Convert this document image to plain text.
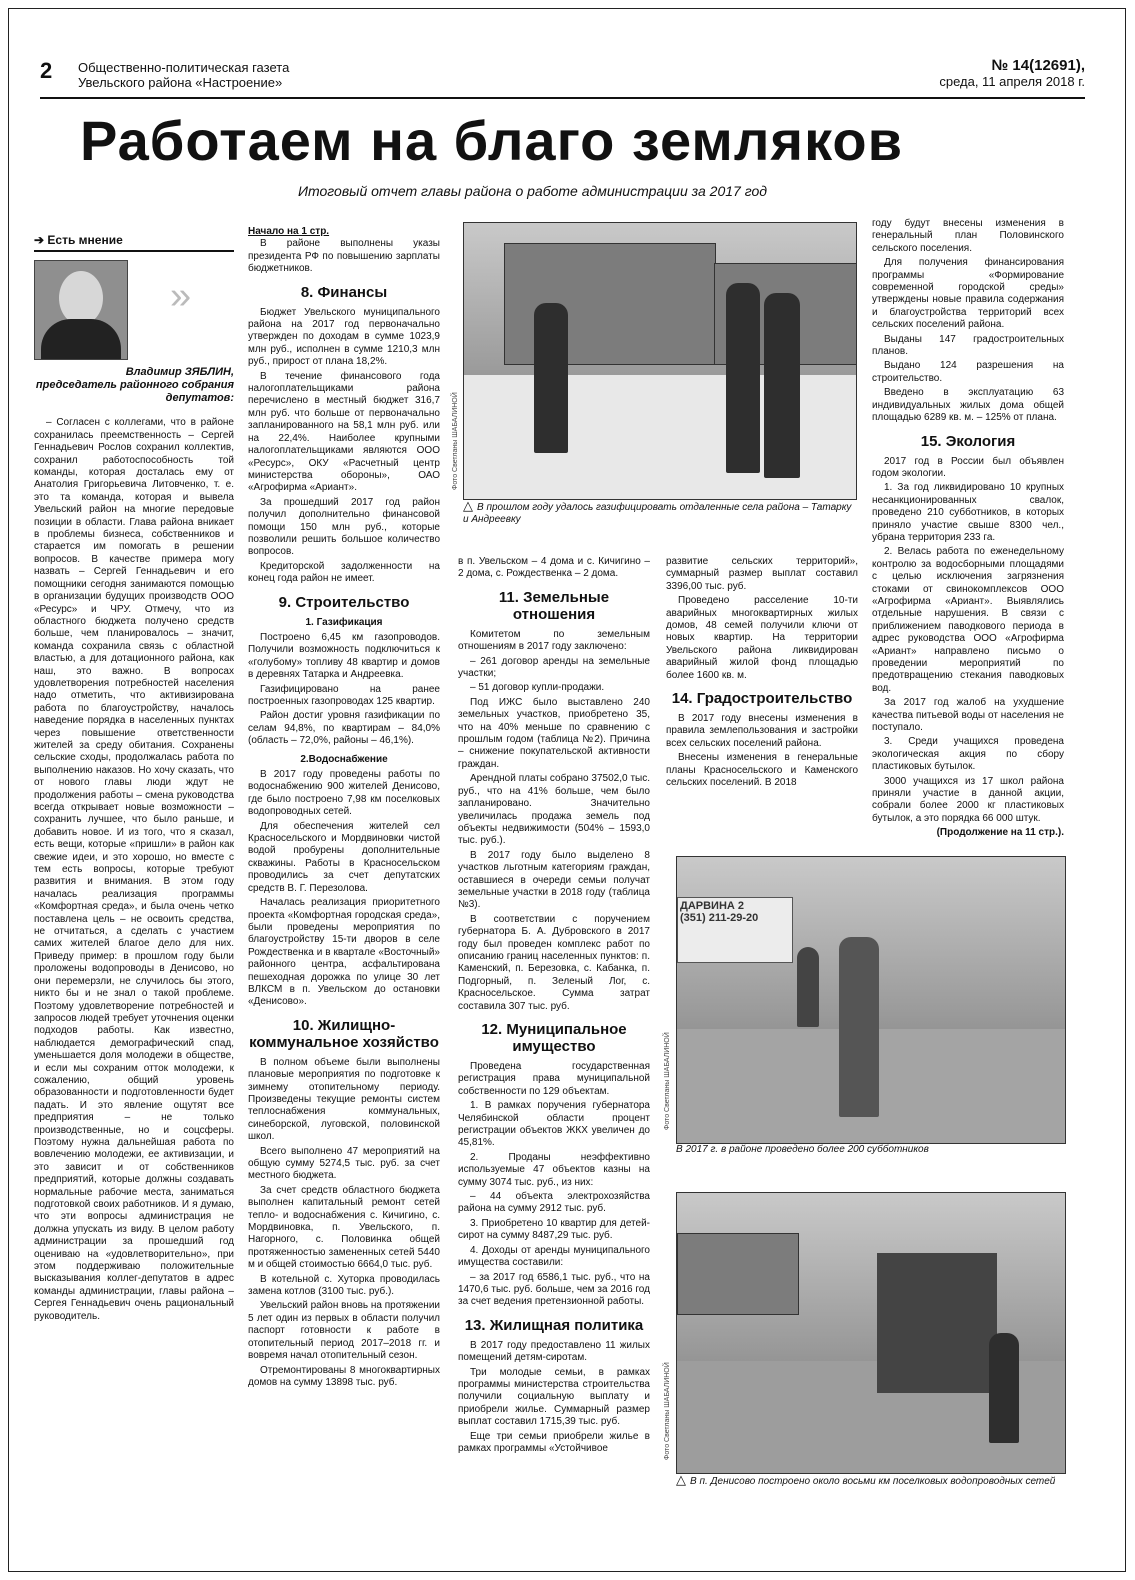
2 Общественно-политическая газета
Увельского района «Настроение»
№ 14(12691),
среда, 11 апреля 2018 г.
Работаем на благо земляков
Итоговый отчет главы района о работе администрации за 2017 год
➔ Есть мнение
»
Владимир ЗЯБЛИН,
председатель районного собрания депутатов:

– Согласен с коллегами, что в районе сохранилась преемственность – Сергей Геннадьевич Рослов сохранил коллектив, сохранил работоспособность той команды, которая досталась ему от Анатолия Григорьевича Литовченко, т. е. это та команда, которая и вывела Увельский район на многие передовые позиции в области. Глава района вникает в проблемы бизнеса, собственников и старается им помогать в решении вопросов. В качестве примера могу назвать – Сергей Геннадьевич и его помощники сегодня занимаются помощью в организации будущих производств ООО «Ресурс» и ЧРУ. Отмечу, что из областного бюджета получено средств больше, чем планировалось – значит, команда сохранила связь с областной властью, а для дотационного района, как наш, это важно. В вопросах удовлетворения потребностей населения надо отметить, что активизирована работа по благоустройству, началось наведение порядка в населенных пунктах через повышение ответственности жителей за среду обитания. Сохранены сельские сходы, продолжалась работа по выполнению наказов. Но хочу сказать, что от нового главы люди ждут не продолжения работы – смена руководства всегда открывает новые возможности – сохранить лучшее, что было раньше, и добавить новое. И из того, что я сказал, есть вещи, которые «пришли» в район как свежие идеи, и это хорошо, но вместе с тем есть вопросы, которые требуют развития и внимания. В этом году началась реализация программы «Комфортная среда», и была очень четко поставлена цель – не освоить средства, не отчитаться, а сделать с участием самих жителей благое дело для них. Приведу пример: в прошлом году были проложены водопроводы в Денисово, но они перемерзли, не случилось бы этого, никто бы и не знал о такой проблеме. Поэтому удовлетворение потребностей и запросов людей требует уточнения оценки подходов работы. Как известно, наблюдается демографический спад, уменьшается доля молодежи в обществе, и если мы сохраним отток молодежи, к сожалению, общий уровень образованности и подготовленности будет падать. И это явление ощутят все предприятия – не только производственные, но и соцсферы. Поэтому нужна дальнейшая работа по вовлечению молодежи, ее активизации, и это зависит и от собственников предприятий, которые должны создавать нормальные рабочие места, заниматься подготовкой своих работников. И я думаю, что эти вопросы администрация не должна упускать из виду. В целом работу администрации за прошедший год оцениваю на «удовлетворительно», при этом поддерживаю положительные высказывания коллег-депутатов в адрес команды администрации, главы района – Сергея Геннадьевич очень рациональный руководитель.

Начало на 1 стр.

В районе выполнены указы президента РФ по повышению зарплаты бюджетников.

8. Финансы

Бюджет Увельского муниципального района на 2017 год первоначально утвержден по доходам в сумме 1023,9 млн руб., исполнен в сумме 1210,3 млн руб., прирост от плана 18,2%.

В течение финансового года налогоплательщиками района перечислено в местный бюджет 316,7 млн руб. что больше от первоначально запланированного на 58,1 млн руб. или на 22,4%. Наиболее крупными налогоплательщиками являются ООО «Ресурс», ОКУ «Расчетный центр министерства обороны», ОАО «Агрофирма «Ариант».

За прошедший 2017 год район получил дополнительно финансовой помощи 150 млн руб., которые позволили решить большое количество вопросов.

Кредиторской задолженности на конец года район не имеет.

9. Строительство
1. Газификация

Построено 6,45 км газопроводов. Получили возможность подключиться к «голубому» топливу 48 квартир и домов в деревнях Татарка и Андреевка.

Газифицировано на ранее построенных газопроводах 125 квартир.

Район достиг уровня газификации по селам 94,8%, по квартирам – 84,0% (область – 72,0%, районы – 46,1%).

2.Водоснабжение

В 2017 году проведены работы по водоснабжению 900 жителей Денисово, где было построено 7,98 км поселковых водопроводных сетей.

Для обеспечения жителей сел Красносельского и Мордвиновки чистой водой пробурены дополнительные скважины. Работы в Красносельском проводились за счет депутатских средств В. Г. Перезолова.

Началась реализация приоритетного проекта «Комфортная городская среда», были проведены мероприятия по благоустройству 15-ти дворов в селе Рождественка и в квартале «Восточный» районного центра, асфальтирована пешеходная дорожка по улице 30 лет ВЛКСМ в п. Увельском до остановки «Денисово».

10. Жилищно-коммунальное хозяйство

В полном объеме были выполнены плановые мероприятия по подготовке к зимнему отопительному периоду. Произведены текущие ремонты систем теплоснабжения коммунальных, синеборской, луговской, половинской школ.

Всего выполнено 47 мероприятий на общую сумму 5274,5 тыс. руб. за счет местного бюджета.

За счет средств областного бюджета выполнен капитальный ремонт сетей тепло- и водоснабжения с. Кичигино, с. Мордвиновка, п. Увельского, п. Нагорного, с. Половинка общей протяженностью замененных сетей 5440 м и общей стоимостью 6664,0 тыс. руб.

В котельной с. Хуторка проводилась замена котлов (3100 тыс. руб.).

Увельский район вновь на протяжении 5 лет один из первых в области получил паспорт готовности к работе в отопительный период 2017–2018 гг. и вовремя начал отопительный сезон.

Отремонтированы 8 многоквартирных домов на сумму 13898 тыс. руб.

Фото Светланы ШАБАЛИНОЙ
△ В прошлом году удалось газифицировать отдаленные села района – Татарку и Андреевку

в п. Увельском – 4 дома и с. Кичигино – 2 дома, с. Рождественка – 2 дома.

11. Земельные отношения

Комитетом по земельным отношениям в 2017 году заключено:

– 261 договор аренды на земельные участки;

– 51 договор купли-продажи.

Под ИЖС было выставлено 240 земельных участков, приобретено 35, что на 40% меньше по сравнению с прошлым годом (таблица №2). Причина – снижение покупательской активности граждан.

Арендной платы собрано 37502,0 тыс. руб., что на 41% больше, чем было запланировано. Значительно увеличилась продажа земель под объекты недвижимости (504% – 1593,0 тыс. руб.).

В 2017 году было выделено 8 участков льготным категориям граждан, оставшиеся в очереди семьи получат земельные участки в 2018 году (таблица №3).

В соответствии с поручением губернатора Б. А. Дубровского в 2017 году был проведен комплекс работ по описанию границ населенных пунктов: п. Каменский, п. Березовка, с. Кабанка, п. Подгорный, п. Зеленый Лог, с. Красносельское. Сумма затрат составила 307 тыс. руб.

12. Муниципальное имущество

Проведена государственная регистрация права муниципальной собственности по 129 объектам.

1. В рамках поручения губернатора Челябинской области процент регистрации объектов ЖКХ увеличен до 45,81%.

2. Проданы неэффективно используемые 47 объектов казны на сумму 3074 тыс. руб., из них:

– 44 объекта электрохозяйства района на сумму 2912 тыс. руб.

3. Приобретено 10 квартир для детей-сирот на сумму 8487,29 тыс. руб.

4. Доходы от аренды муниципального имущества составили:

– за 2017 год 6586,1 тыс. руб., что на 1470,6 тыс. руб. больше, чем за 2016 год за счет ведения претензионной работы.

13. Жилищная политика

В 2017 году предоставлено 11 жилых помещений детям-сиротам.

Три молодые семьи, в рамках программы министерства строительства получили социальную выплату и приобрели жилье. Суммарный размер выплат составил 1715,39 тыс. руб.

Еще три семьи приобрели жилье в рамках программы «Устойчивое

развитие сельских территорий», суммарный размер выплат составил 3396,00 тыс. руб.

Проведено расселение 10-ти аварийных многоквартирных жилых домов, 48 семей получили ключи от новых квартир. На территории Увельского района ликвидирован аварийный жилой фонд площадью более 1600 кв. м.

14. Градостроительство

В 2017 году внесены изменения в правила землепользования и застройки всех сельских поселений района.

Внесены изменения в генеральные планы Красносельского и Каменского сельских поселений. В 2018

году будут внесены изменения в генеральный план Половинского сельского поселения.

Для получения финансирования программы «Формирование современной городской среды» утверждены новые правила содержания и благоустройства территорий всех сельских поселений района.

Выданы 147 градостроительных планов.

Выдано 124 разрешения на строительство.

Введено в эксплуатацию 63 индивидуальных жилых дома общей площадью 6289 кв. м. – 125% от плана.

15. Экология

2017 год в России был объявлен годом экологии.

1. За год ликвидировано 10 крупных несанкционированных свалок, проведено 210 субботников, в которых приняло участие свыше 8300 чел., убрана территория 233 га.

2. Велась работа по еженедельному контролю за водосборными площадями с целью исключения загрязнения стоками от свинокомплексов ООО «Агрофирма «Ариант». Выявлялись отдельные нарушения. В связи с приближением паводкового периода в адрес руководства ООО «Агрофирма «Ариант» направлено письмо о проведении мероприятий по предотвращению стекания паводковых вод.

За 2017 год жалоб на ухудшение качества питьевой воды от населения не поступало.

3. Среди учащихся проведена экологическая акция по сбору пластиковых бутылок.

3000 учащихся из 17 школ района приняли участие в данной акции, собрали более 2000 кг пластиковых бутылок, а это порядка 66 000 штук.

(Продолжение на 11 стр.).
ДАРВИНА 2
(351) 211-29-20
Фото Светланы ШАБАЛИНОЙ
В 2017 г. в районе проведено более 200 субботников
Фото Светланы ШАБАЛИНОЙ
△ В п. Денисово построено около восьми км поселковых водопроводных сетей
